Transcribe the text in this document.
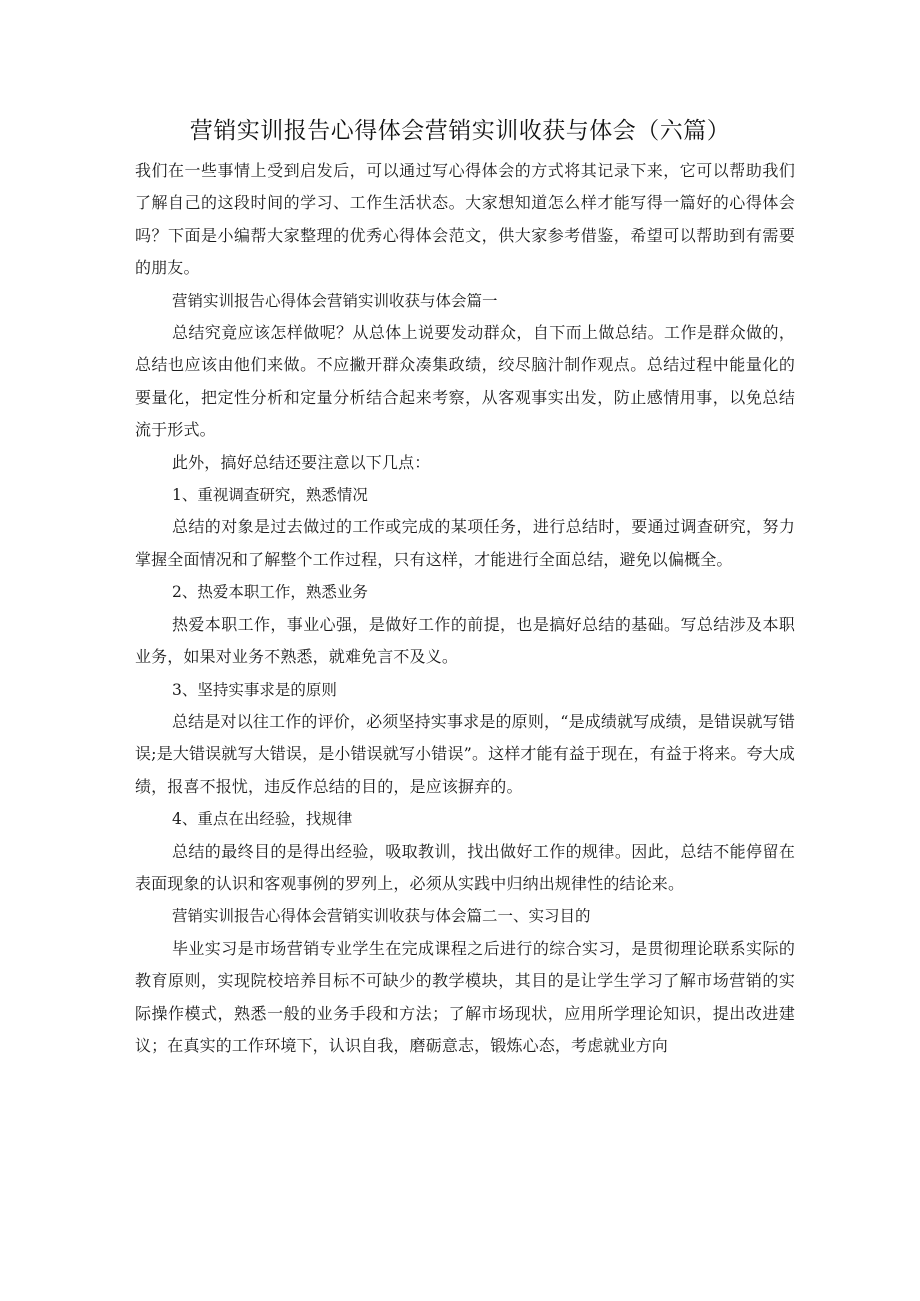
营销实训报告心得体会营销实训收获与体会（六篇）

我们在一些事情上受到启发后，可以通过写心得体会的方式将其记录下来，它可以帮助我们了解自己的这段时间的学习、工作生活状态。大家想知道怎么样才能写得一篇好的心得体会吗？下面是小编帮大家整理的优秀心得体会范文，供大家参考借鉴，希望可以帮助到有需要的朋友。

营销实训报告心得体会营销实训收获与体会篇一

总结究竟应该怎样做呢？从总体上说要发动群众，自下而上做总结。工作是群众做的，总结也应该由他们来做。不应撇开群众凑集政绩，绞尽脑汁制作观点。总结过程中能量化的要量化，把定性分析和定量分析结合起来考察，从客观事实出发，防止感情用事，以免总结流于形式。

此外，搞好总结还要注意以下几点：

1、重视调查研究，熟悉情况

总结的对象是过去做过的工作或完成的某项任务，进行总结时，要通过调查研究，努力掌握全面情况和了解整个工作过程，只有这样，才能进行全面总结，避免以偏概全。

2、热爱本职工作，熟悉业务

热爱本职工作，事业心强，是做好工作的前提，也是搞好总结的基础。写总结涉及本职业务，如果对业务不熟悉，就难免言不及义。

3、坚持实事求是的原则

总结是对以往工作的评价，必须坚持实事求是的原则，“是成绩就写成绩，是错误就写错误;是大错误就写大错误，是小错误就写小错误”。这样才能有益于现在，有益于将来。夸大成绩，报喜不报忧，违反作总结的目的，是应该摒弃的。

4、重点在出经验，找规律

总结的最终目的是得出经验，吸取教训，找出做好工作的规律。因此，总结不能停留在表面现象的认识和客观事例的罗列上，必须从实践中归纳出规律性的结论来。

营销实训报告心得体会营销实训收获与体会篇二一、实习目的

毕业实习是市场营销专业学生在完成课程之后进行的综合实习，是贯彻理论联系实际的教育原则，实现院校培养目标不可缺少的教学模块，其目的是让学生学习了解市场营销的实际操作模式，熟悉一般的业务手段和方法；了解市场现状，应用所学理论知识，提出改进建议；在真实的工作环境下，认识自我，磨砺意志，锻炼心态，考虑就业方向
